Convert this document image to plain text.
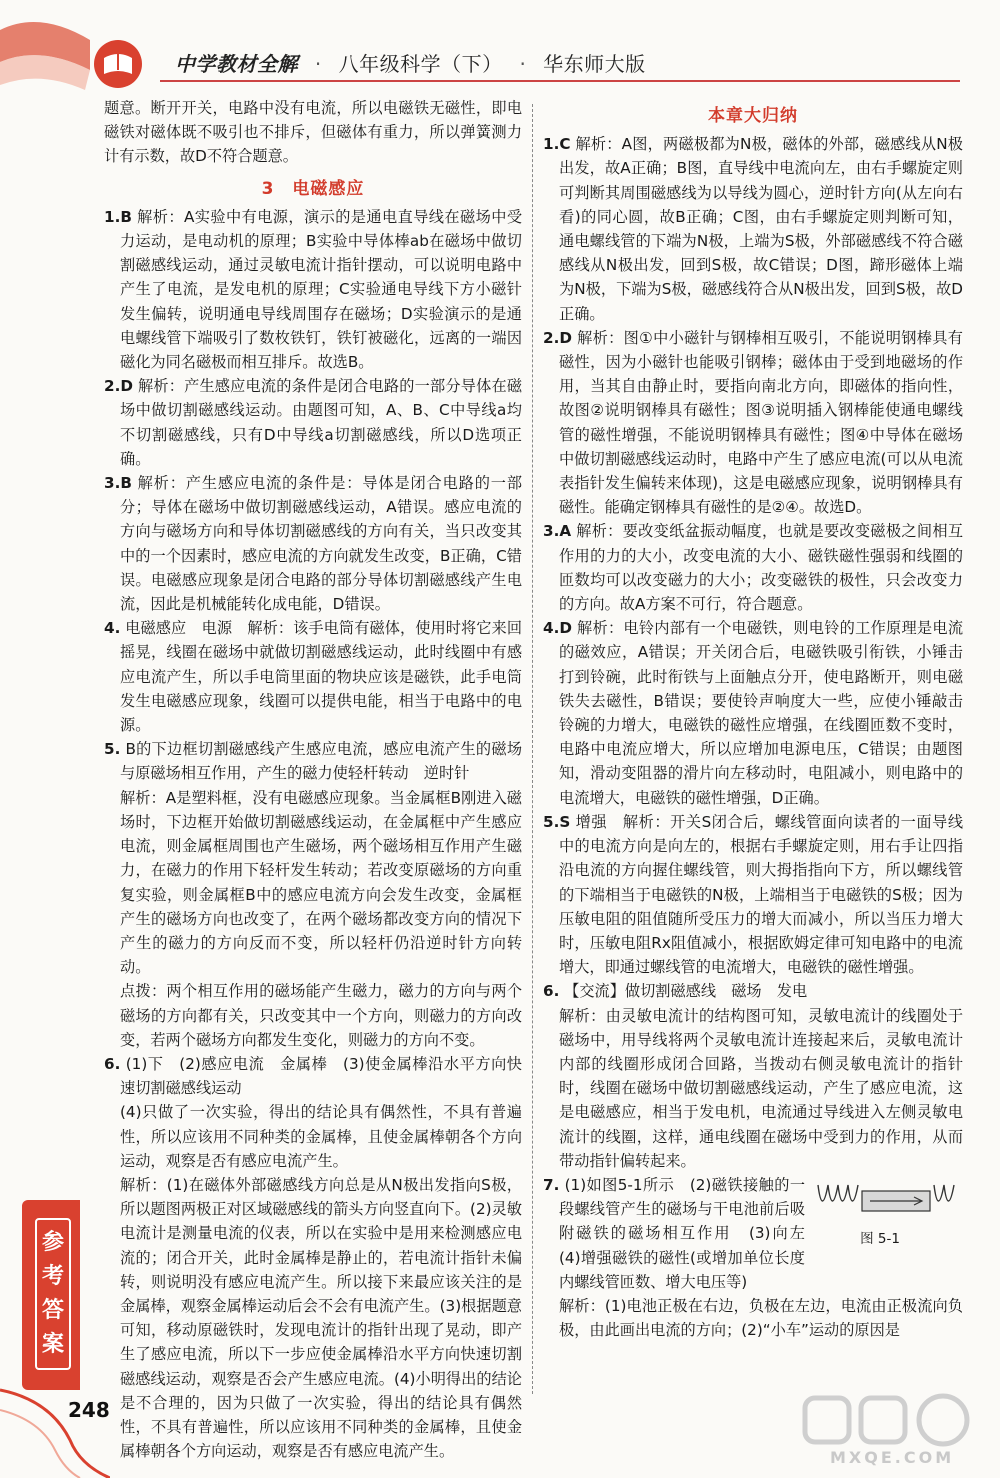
中学教材全解 · 八年级科学（下） · 华东师大版

题意。断开开关，电路中没有电流，所以电磁铁无磁性，即电磁铁对磁体既不吸引也不排斥，但磁体有重力，所以弹簧测力计有示数，故D不符合题意。

3　电磁感应

1.B 解析：A实验中有电源，演示的是通电直导线在磁场中受力运动，是电动机的原理；B实验中导体棒ab在磁场中做切割磁感线运动，通过灵敏电流计指针摆动，可以说明电路中产生了电流，是发电机的原理；C实验通电导线下方小磁针发生偏转，说明通电导线周围存在磁场；D实验演示的是通电螺线管下端吸引了数枚铁钉，铁钉被磁化，远离的一端因磁化为同名磁极而相互排斥。故选B。

2.D 解析：产生感应电流的条件是闭合电路的一部分导体在磁场中做切割磁感线运动。由题图可知，A、B、C中导线a均不切割磁感线，只有D中导线a切割磁感线，所以D选项正确。

3.B 解析：产生感应电流的条件是：导体是闭合电路的一部分；导体在磁场中做切割磁感线运动，A错误。感应电流的方向与磁场方向和导体切割磁感线的方向有关，当只改变其中的一个因素时，感应电流的方向就发生改变，B正确，C错误。电磁感应现象是闭合电路的部分导体切割磁感线产生电流，因此是机械能转化成电能，D错误。

4. 电磁感应　电源　解析：该手电筒有磁体，使用时将它来回摇晃，线圈在磁场中就做切割磁感线运动，此时线圈中有感应电流产生，所以手电筒里面的物块应该是磁铁，此手电筒发生电磁感应现象，线圈可以提供电能，相当于电路中的电源。

5. B的下边框切割磁感线产生感应电流，感应电流产生的磁场与原磁场相互作用，产生的磁力使轻杆转动　逆时针

解析：A是塑料框，没有电磁感应现象。当金属框B刚进入磁场时，下边框开始做切割磁感线运动，在金属框中产生感应电流，则金属框周围也产生磁场，两个磁场相互作用产生磁力，在磁力的作用下轻杆发生转动；若改变原磁场的方向重复实验，则金属框B中的感应电流方向会发生改变，金属框产生的磁场方向也改变了，在两个磁场都改变方向的情况下产生的磁力的方向反而不变，所以轻杆仍沿逆时针方向转动。

点拨：两个相互作用的磁场能产生磁力，磁力的方向与两个磁场的方向都有关，只改变其中一个方向，则磁力的方向改变，若两个磁场方向都发生变化，则磁力的方向不变。

6. (1)下　(2)感应电流　金属棒　(3)使金属棒沿水平方向快速切割磁感线运动

(4)只做了一次实验，得出的结论具有偶然性，不具有普遍性，所以应该用不同种类的金属棒，且使金属棒朝各个方向运动，观察是否有感应电流产生。

解析：(1)在磁体外部磁感线方向总是从N极出发指向S极，所以题图两极正对区域磁感线的箭头方向竖直向下。(2)灵敏电流计是测量电流的仪表，所以在实验中是用来检测感应电流的；闭合开关，此时金属棒是静止的，若电流计指针未偏转，则说明没有感应电流产生。所以接下来最应该关注的是金属棒，观察金属棒运动后会不会有电流产生。(3)根据题意可知，移动原磁铁时，发现电流计的指针出现了晃动，即产生了感应电流，所以下一步应使金属棒沿水平方向快速切割磁感线运动，观察是否会产生感应电流。(4)小明得出的结论是不合理的，因为只做了一次实验，得出的结论具有偶然性，不具有普遍性，所以应该用不同种类的金属棒，且使金属棒朝各个方向运动，观察是否有感应电流产生。

本章大归纳

1.C 解析：A图，两磁极都为N极，磁体的外部，磁感线从N极出发，故A正确；B图，直导线中电流向左，由右手螺旋定则可判断其周围磁感线为以导线为圆心，逆时针方向(从左向右看)的同心圆，故B正确；C图，由右手螺旋定则判断可知，通电螺线管的下端为N极，上端为S极，外部磁感线不符合磁感线从N极出发，回到S极，故C错误；D图，蹄形磁体上端为N极，下端为S极，磁感线符合从N极出发，回到S极，故D正确。

2.D 解析：图①中小磁针与钢棒相互吸引，不能说明钢棒具有磁性，因为小磁针也能吸引钢棒；磁体由于受到地磁场的作用，当其自由静止时，要指向南北方向，即磁体的指向性，故图②说明钢棒具有磁性；图③说明插入钢棒能使通电螺线管的磁性增强，不能说明钢棒具有磁性；图④中导体在磁场中做切割磁感线运动时，电路中产生了感应电流(可以从电流表指针发生偏转来体现)，这是电磁感应现象，说明钢棒具有磁性。能确定钢棒具有磁性的是②④。故选D。

3.A 解析：要改变纸盆振动幅度，也就是要改变磁极之间相互作用的力的大小，改变电流的大小、磁铁磁性强弱和线圈的匝数均可以改变磁力的大小；改变磁铁的极性，只会改变力的方向。故A方案不可行，符合题意。

4.D 解析：电铃内部有一个电磁铁，则电铃的工作原理是电流的磁效应，A错误；开关闭合后，电磁铁吸引衔铁，小锤击打到铃碗，此时衔铁与上面触点分开，使电路断开，则电磁铁失去磁性，B错误；要使铃声响度大一些，应使小锤敲击铃碗的力增大，电磁铁的磁性应增强，在线圈匝数不变时，电路中电流应增大，所以应增加电源电压，C错误；由题图知，滑动变阻器的滑片向左移动时，电阻减小，则电路中的电流增大，电磁铁的磁性增强，D正确。

5.S 增强　解析：开关S闭合后，螺线管面向读者的一面导线中的电流方向是向左的，根据右手螺旋定则，用右手让四指沿电流的方向握住螺线管，则大拇指指向下方，所以螺线管的下端相当于电磁铁的N极，上端相当于电磁铁的S极；因为压敏电阻的阻值随所受压力的增大而减小，所以当压力增大时，压敏电阻Rx阻值减小，根据欧姆定律可知电路中的电流增大，即通过螺线管的电流增大，电磁铁的磁性增强。

6. 【交流】做切割磁感线　磁场　发电

解析：由灵敏电流计的结构图可知，灵敏电流计的线圈处于磁场中，用导线将两个灵敏电流计连接起来后，灵敏电流计内部的线圈形成闭合回路，当拨动右侧灵敏电流计的指针时，线圈在磁场中做切割磁感线运动，产生了感应电流，这是电磁感应，相当于发电机，电流通过导线进入左侧灵敏电流计的线圈，这样，通电线圈在磁场中受到力的作用，从而带动指针偏转起来。

图 5-1
7. (1)如图5-1所示　(2)磁铁接触的一段螺线管产生的磁场与干电池前后吸附磁铁的磁场相互作用　(3)向左　(4)增强磁铁的磁性(或增加单位长度内螺线管匝数、增大电压等)

解析：(1)电池正极在右边，负极在左边，电流由正极流向负极，由此画出电流的方向；(2)“小车”运动的原因是

参考答案
248
MXQE.COM
